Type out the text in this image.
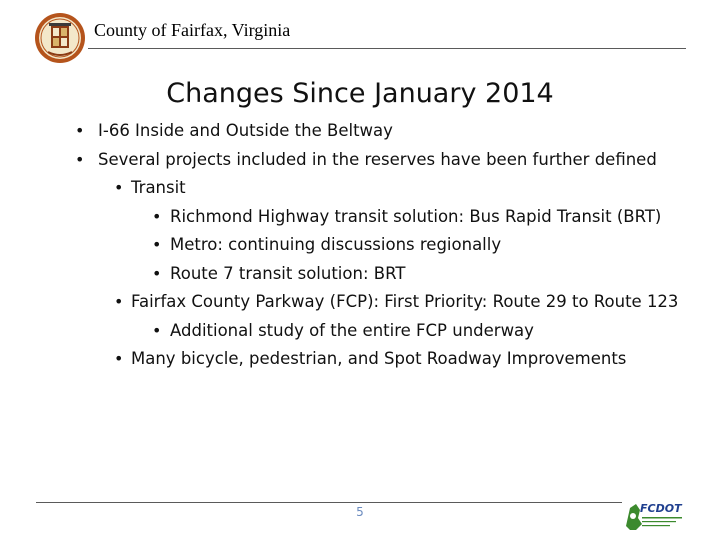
County of Fairfax, Virginia
Changes Since January 2014
• I-66 Inside and Outside the Beltway
• Several projects included in the reserves have been further defined
• Transit
• Richmond Highway transit solution: Bus Rapid Transit (BRT)
• Metro: continuing discussions regionally
• Route 7 transit solution: BRT
• Fairfax County Parkway (FCP): First Priority: Route 29 to Route 123
• Additional study of the entire FCP underway
• Many bicycle, pedestrian, and Spot Roadway Improvements
5	FCDOT
